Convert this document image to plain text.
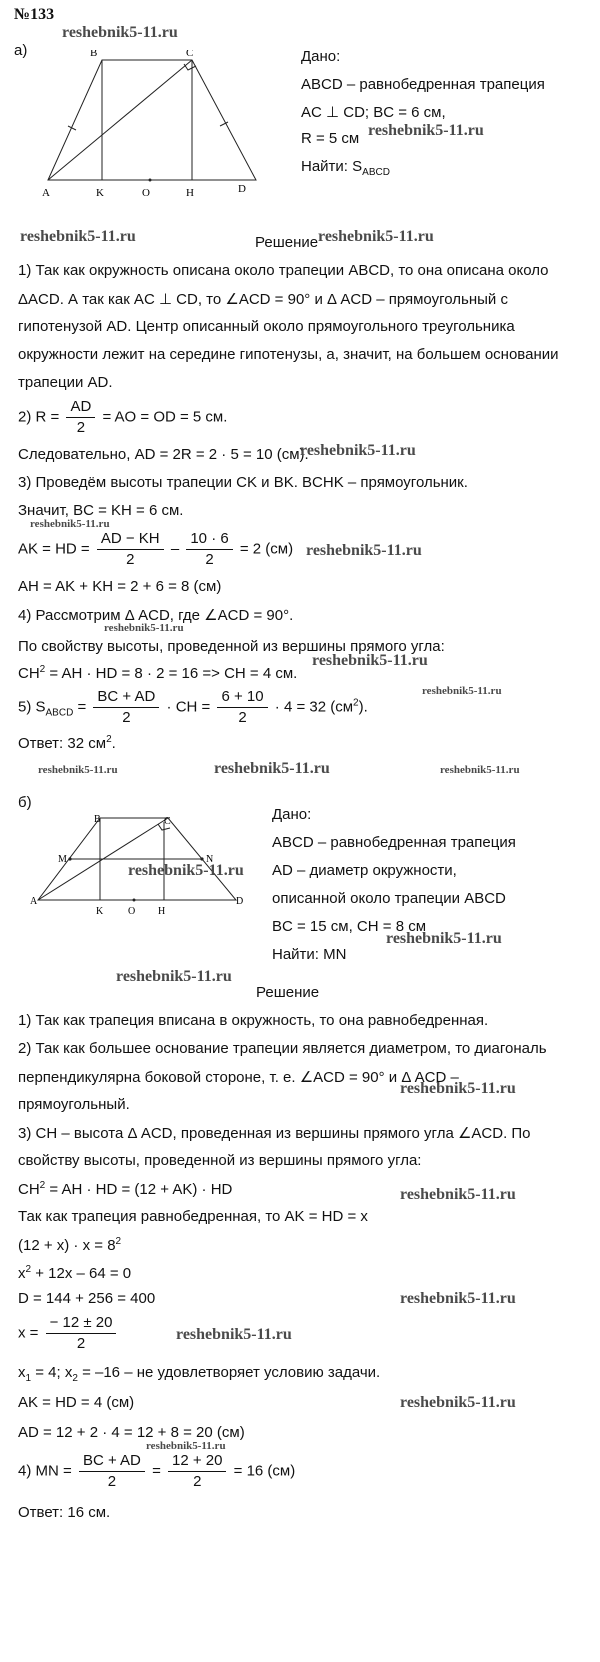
№133
а)	B	C
A	K	O	H	D
Дано:
ABCD – равнобедренная трапеция
AC ⊥ CD; BC = 6 см,
R = 5 см
Найти: $S_{ABCD}$
Решение
1) Так как окружность описана около трапеции ABCD, то она описана около
ΔACD. А так как AC ⊥ CD, то ∠ACD = 90° и Δ ACD – прямоугольный с
гипотенузой AD. Центр описанный около прямоугольного треугольника
окружности лежит на середине гипотенузы, а, значит, на большем основании
трапеции AD.
2) $R = \frac{AD}{2}$ = AO = OD = 5 см.
Следовательно, AD = 2R = 2 · 5 = 10 (см).
3) Проведём высоты трапеции CK и BK. BCHK – прямоугольник.
Значит, BC = KH = 6 см.
AK = HD = $\frac{AD - KH}{2} - \frac{10 \cdot 6}{2} = 2$ (см)
AH = AK + KH = 2 + 6 = 8 (см)
4) Рассмотрим Δ ACD, где ∠ACD = 90°.
По свойству высоты, проведенной из вершины прямого угла:
$CH^2$ = AH · HD = 8 · 2 = 16 => CH = 4 см.
5) $S_{ABCD} = \frac{BC + AD}{2}$ · CH = $\frac{6 + 10}{2} \cdot 4 = 32$ $(см^2)$.
Ответ: 32 $см^2$.
б)
B	C
M	N
A
K O H
D
Дано:
ABCD – равнобедренная трапеция
AD – диаметр окружности,
описанной около трапеции ABCD
BC = 15 см, CH = 8 см
Найти: MN
Решение
1) Так как трапеция вписана в окружность, то она равнобедренная.
2) Так как большее основание трапеции является диаметром, то диагональ
перпендикулярна боковой стороне, т. е. ∠ACD = 90° и Δ ACD –
прямоугольный.
3) CH – высота Δ ACD, проведенная из вершины прямого угла ∠ACD. По
свойству высоты, проведенной из вершины прямого угла:
$CH^2$ = AH · HD = (12 + AK) · HD
Так как трапеция равнобедренная, то AK = HD = x
$(12 + x) \cdot x = 8^2$
$x^2 + 12x - 64 = 0$
D = 144 + 256 = 400
$x = \frac{- 12 \pm 20}{2}$
$x_1 = 4$; $x_2 = -16$ – не удовлетворяет условию задачи.
AK = HD = 4 (см)
AD = 12 + 2 · 4 = 12 + 8 = 20 (см)
4) MN = $\frac{BC + AD}{2} = \frac{12 + 20}{2} = 16$ (см)
Ответ: 16 см.
reshebnik5-11.ru
reshebnik5-11.ru
reshebnik5-11.ru	reshebnik5-11.ru
reshebnik5-11.ru
reshebnik5-11.ru
reshebnik5-11.ru
reshebnik5-11.ru
reshebnik5-11.ru
reshebnik5-11.ru
reshebnik5-11.ru	reshebnik5-11.ru	reshebnik5-11.ru
reshebnik5-11.ru
reshebnik5-11.ru
reshebnik5-11.ru
reshebnik5-11.ru
reshebnik5-11.ru
reshebnik5-11.ru
reshebnik5-11.ru
reshebnik5-11.ru
reshebnik5-11.ru
